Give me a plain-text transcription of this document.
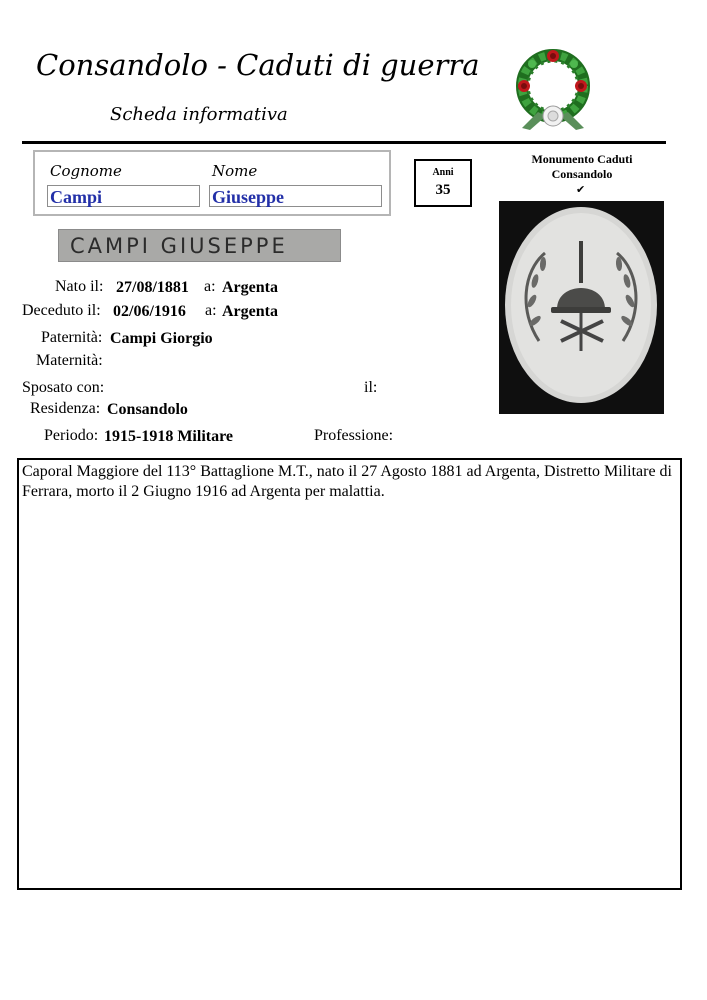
Consandolo - Caduti di guerra
Scheda informativa
Cognome	Nome
Campi	Giuseppe
Anni
35
Monumento Caduti
Consandolo
✔
CAMPI GIUSEPPE
Nato il: 27/08/1881 a: Argenta
Deceduto il: 02/06/1916 a: Argenta
Paternità: Campi Giorgio
Maternità:
Sposato con:	il:
Residenza: Consandolo
Periodo: 1915-1918 Militare	Professione:
Caporal Maggiore del 113° Battaglione M.T., nato il 27 Agosto 1881 ad Argenta, Distretto Militare di Ferrara, morto il 2 Giugno 1916 ad Argenta per malattia.
